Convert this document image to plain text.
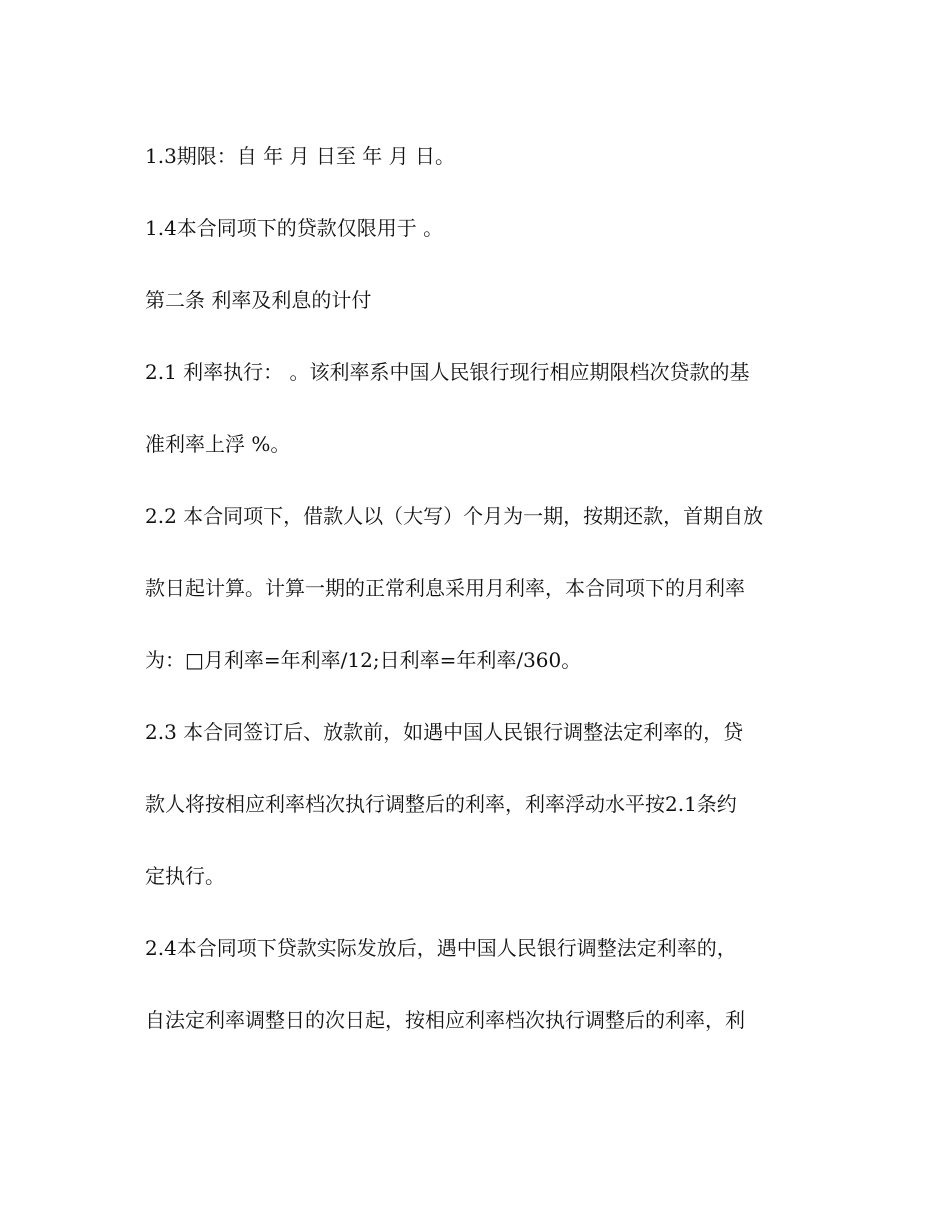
1.3期限：自 年 月 日至 年 月 日。
1.4本合同项下的贷款仅限用于 。
第二条 利率及利息的计付
2.1 利率执行： 。该利率系中国人民银行现行相应期限档次贷款的基
准利率上浮 %。
2.2 本合同项下，借款人以（大写）个月为一期，按期还款，首期自放
款日起计算。计算一期的正常利息采用月利率，本合同项下的月利率
为：□月利率=年利率/12;日利率=年利率/360。
2.3 本合同签订后、放款前，如遇中国人民银行调整法定利率的，贷
款人将按相应利率档次执行调整后的利率，利率浮动水平按2.1条约
定执行。
2.4本合同项下贷款实际发放后，遇中国人民银行调整法定利率的，
自法定利率调整日的次日起，按相应利率档次执行调整后的利率，利
